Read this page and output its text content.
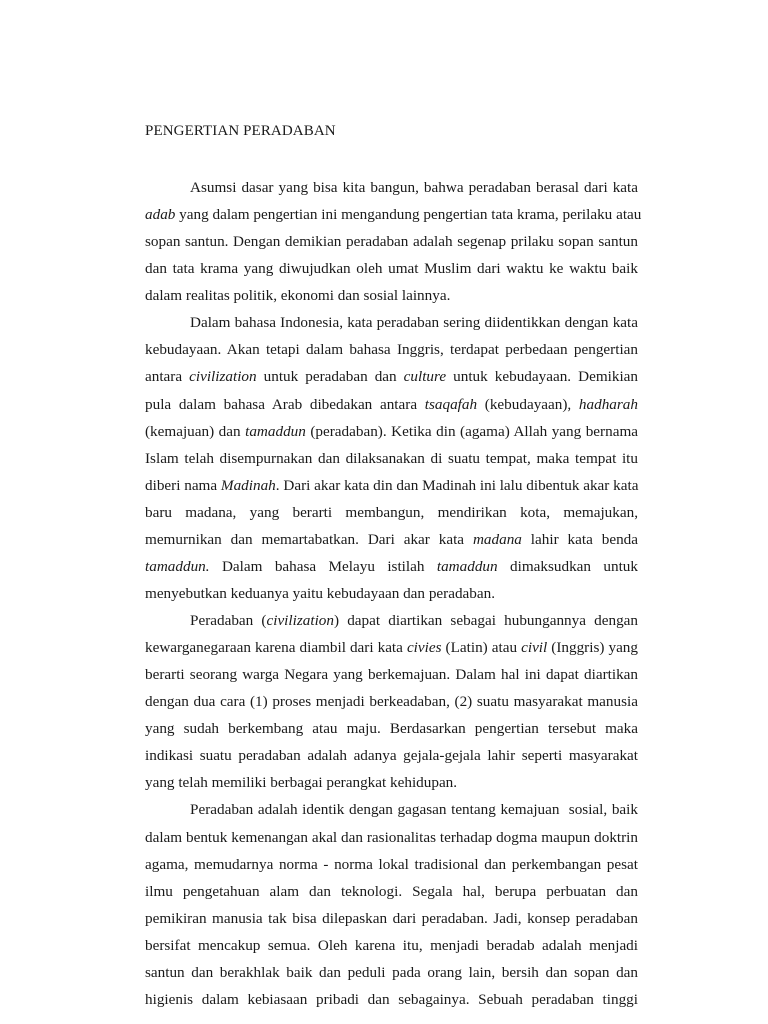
PENGERTIAN PERADABAN
Asumsi dasar yang bisa kita bangun, bahwa peradaban berasal dari kata
adab yang dalam pengertian ini mengandung pengertian tata krama, perilaku atau
sopan santun. Dengan demikian peradaban adalah segenap prilaku sopan santun
dan tata krama yang diwujudkan oleh umat Muslim dari waktu ke waktu baik
dalam realitas politik, ekonomi dan sosial lainnya.
Dalam bahasa Indonesia, kata peradaban sering diidentikkan dengan kata
kebudayaan. Akan tetapi dalam bahasa Inggris, terdapat perbedaan pengertian
antara civilization untuk peradaban dan culture untuk kebudayaan. Demikian
pula dalam bahasa Arab dibedakan antara tsaqafah (kebudayaan), hadharah
(kemajuan) dan tamaddun (peradaban). Ketika din (agama) Allah yang bernama
Islam telah disempurnakan dan dilaksanakan di suatu tempat, maka tempat itu
diberi nama Madinah. Dari akar kata din dan Madinah ini lalu dibentuk akar kata
baru madana, yang berarti membangun, mendirikan kota, memajukan,
memurnikan dan memartabatkan. Dari akar kata madana lahir kata benda
tamaddun. Dalam bahasa Melayu istilah tamaddun dimaksudkan untuk
menyebutkan keduanya yaitu kebudayaan dan peradaban.
Peradaban (civilization) dapat diartikan sebagai hubungannya dengan
kewarganegaraan karena diambil dari kata civies (Latin) atau civil (Inggris) yang
berarti seorang warga Negara yang berkemajuan. Dalam hal ini dapat diartikan
dengan dua cara (1) proses menjadi berkeadaban, (2) suatu masyarakat manusia
yang sudah berkembang atau maju. Berdasarkan pengertian tersebut maka
indikasi suatu peradaban adalah adanya gejala-gejala lahir seperti masyarakat
yang telah memiliki berbagai perangkat kehidupan.
Peradaban adalah identik dengan gagasan tentang kemajuan  sosial, baik
dalam bentuk kemenangan akal dan rasionalitas terhadap dogma maupun doktrin
agama, memudarnya norma - norma lokal tradisional dan perkembangan pesat
ilmu pengetahuan alam dan teknologi. Segala hal, berupa perbuatan dan
pemikiran manusia tak bisa dilepaskan dari peradaban. Jadi, konsep peradaban
bersifat mencakup semua. Oleh karena itu, menjadi beradab adalah menjadi
santun dan berakhlak baik dan peduli pada orang lain, bersih dan sopan dan
higienis dalam kebiasaan pribadi dan sebagainya. Sebuah peradaban tinggi
